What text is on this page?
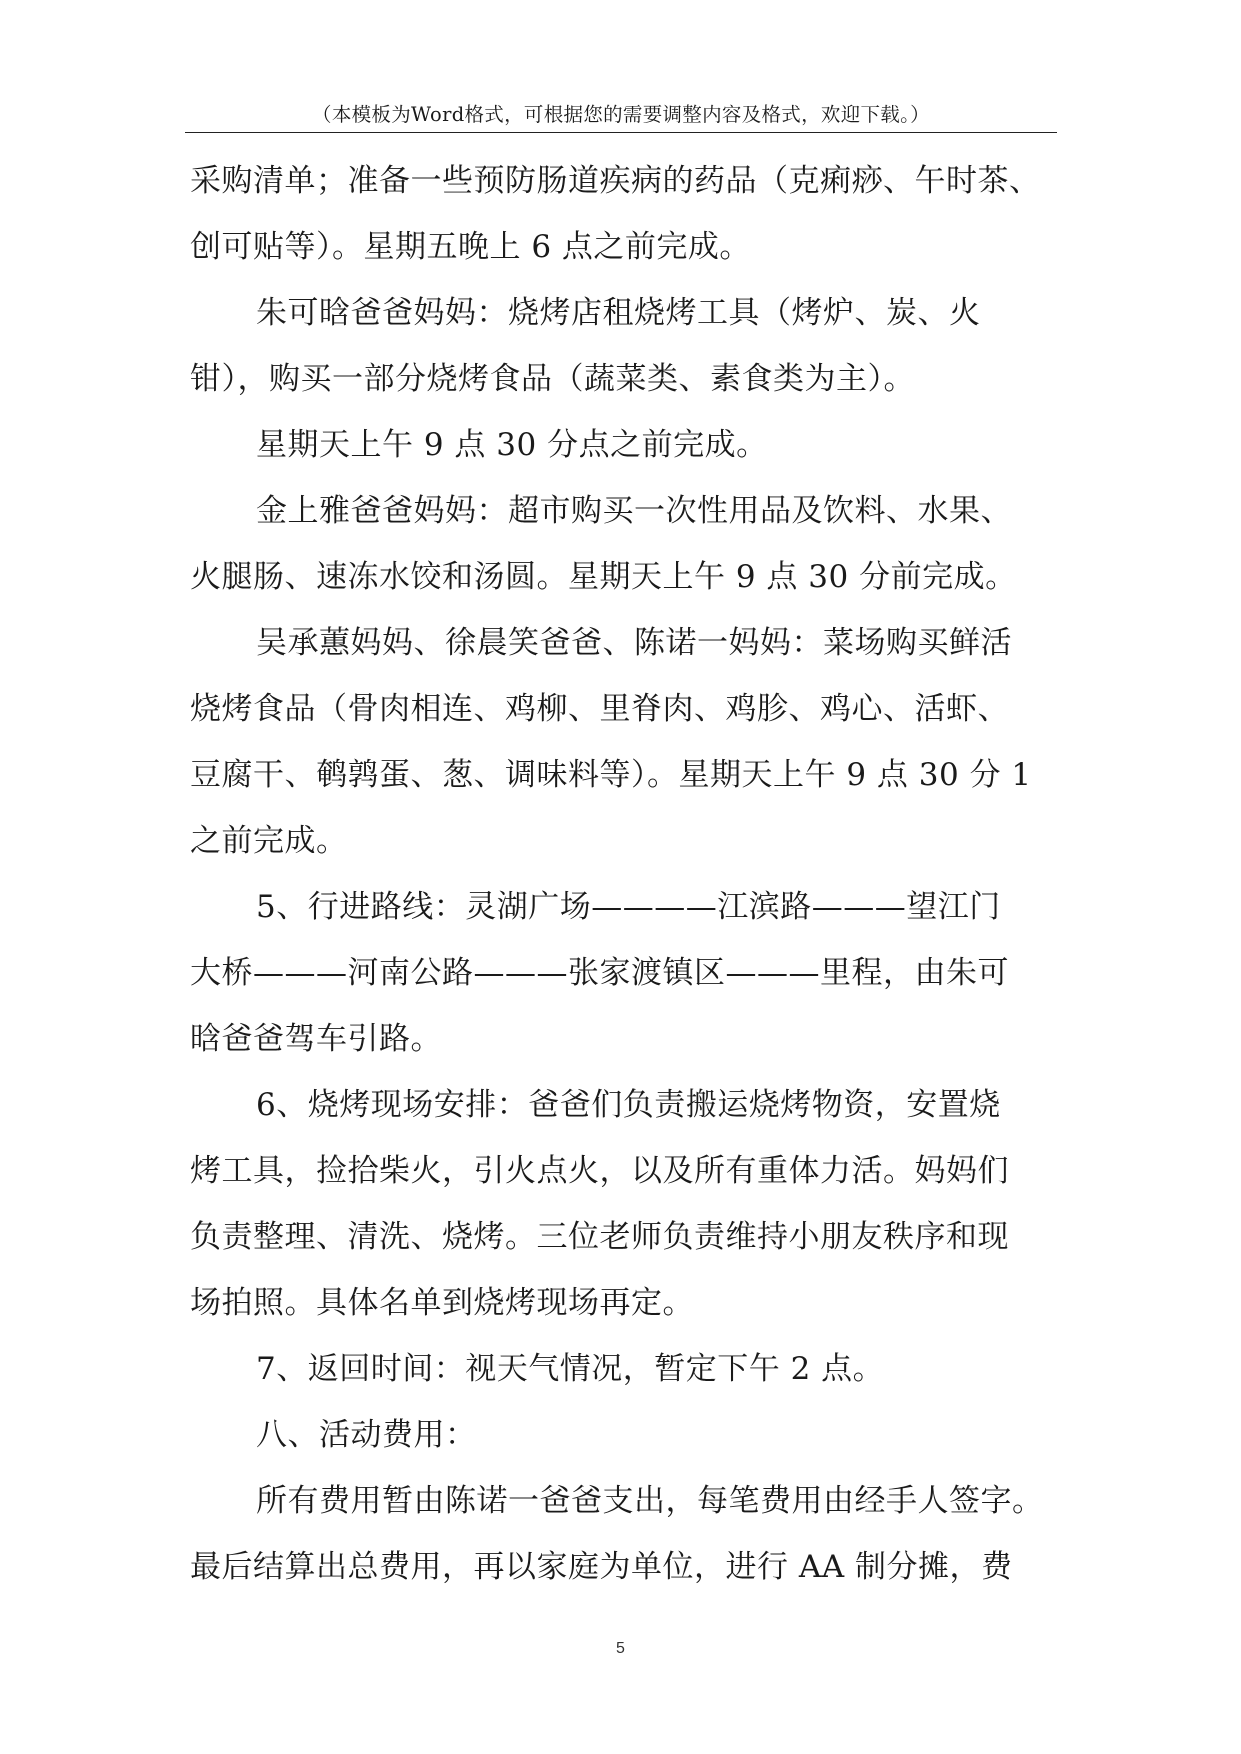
（本模板为Word格式，可根据您的需要调整内容及格式，欢迎下载。）
采购清单；准备一些预防肠道疾病的药品（克痢痧、午时茶、
创可贴等）。星期五晚上 6 点之前完成。
朱可晗爸爸妈妈：烧烤店租烧烤工具（烤炉、炭、火
钳），购买一部分烧烤食品（蔬菜类、素食类为主）。
星期天上午 9 点 30 分点之前完成。
金上雅爸爸妈妈：超市购买一次性用品及饮料、水果、
火腿肠、速冻水饺和汤圆。星期天上午 9 点 30 分前完成。
吴承蕙妈妈、徐晨笑爸爸、陈诺一妈妈：菜场购买鲜活
烧烤食品（骨肉相连、鸡柳、里脊肉、鸡胗、鸡心、活虾、
豆腐干、鹌鹑蛋、葱、调味料等）。星期天上午 9 点 30 分 1
之前完成。
5、行进路线：灵湖广场————江滨路———望江门
大桥———河南公路———张家渡镇区———里程，由朱可
晗爸爸驾车引路。
6、烧烤现场安排：爸爸们负责搬运烧烤物资，安置烧
烤工具，捡拾柴火，引火点火，以及所有重体力活。妈妈们
负责整理、清洗、烧烤。三位老师负责维持小朋友秩序和现
场拍照。具体名单到烧烤现场再定。
7、返回时间：视天气情况，暂定下午 2 点。
八、活动费用：
所有费用暂由陈诺一爸爸支出，每笔费用由经手人签字。
最后结算出总费用，再以家庭为单位，进行 AA 制分摊，费
5
